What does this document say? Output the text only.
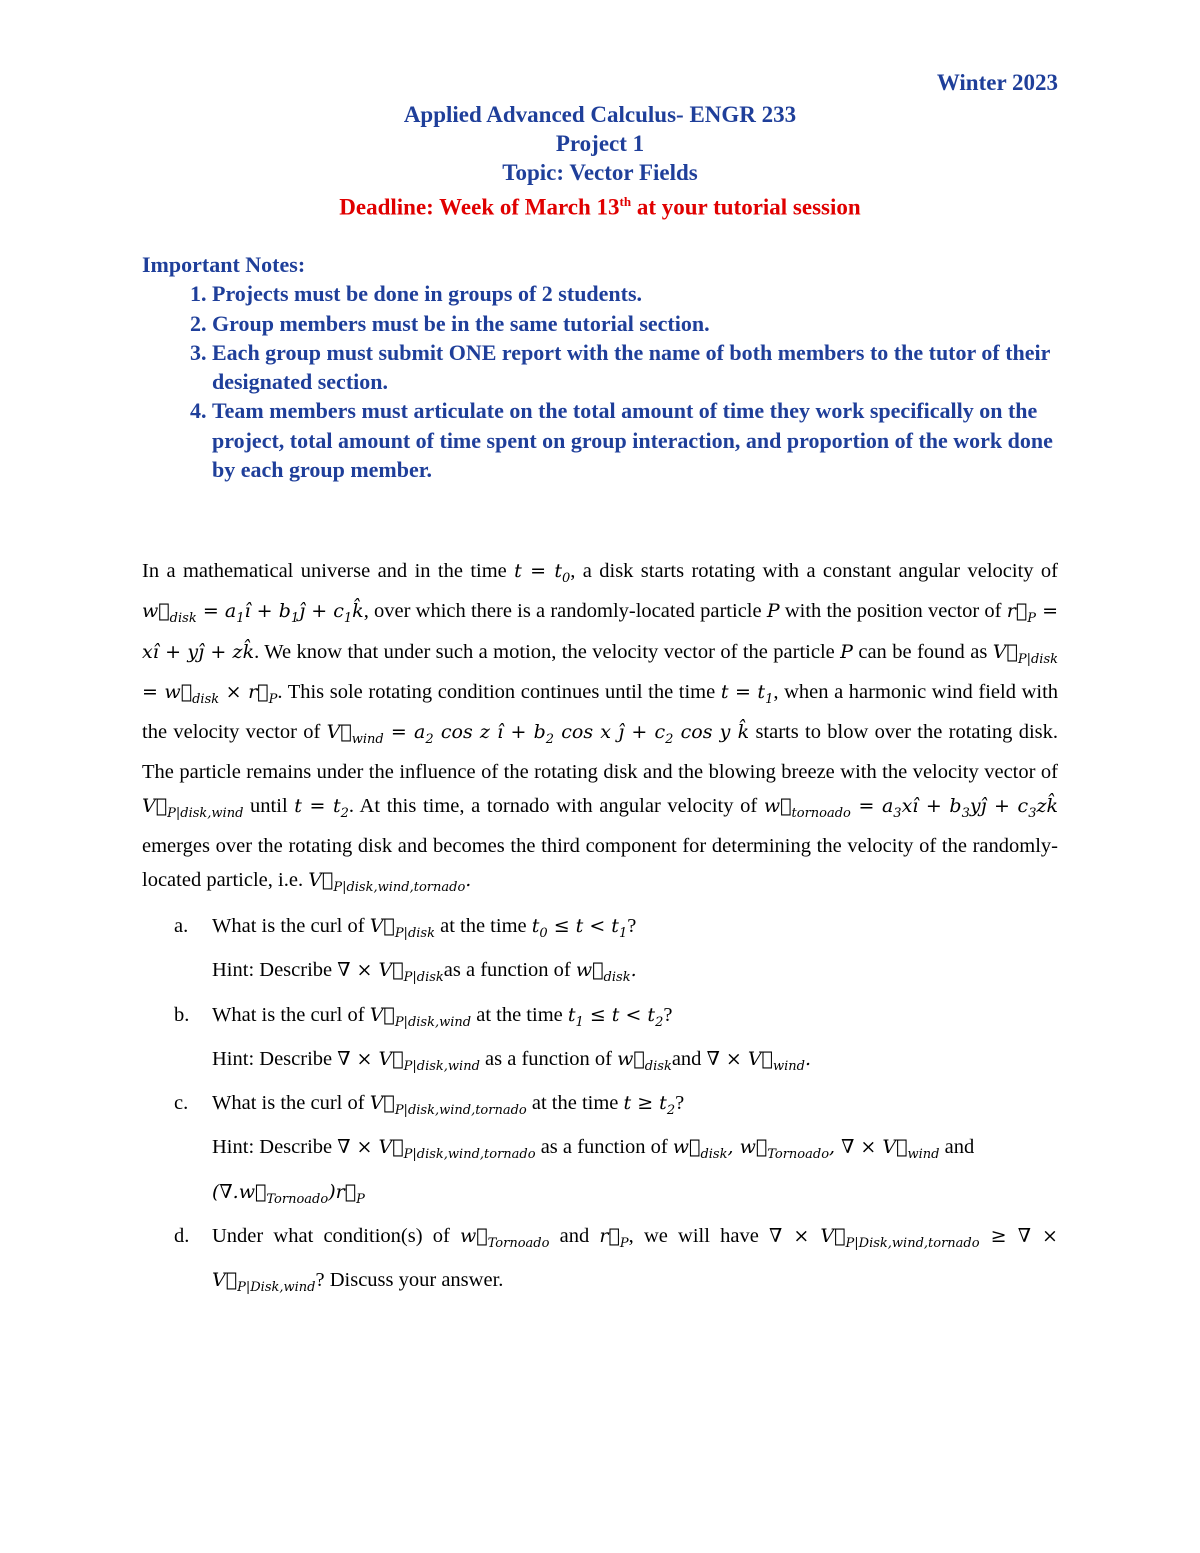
Winter 2023
Applied Advanced Calculus- ENGR 233
Project 1
Topic: Vector Fields
Deadline: Week of March 13th at your tutorial session
Important Notes:
1. Projects must be done in groups of 2 students.
2. Group members must be in the same tutorial section.
3. Each group must submit ONE report with the name of both members to the tutor of their designated section.
4. Team members must articulate on the total amount of time they work specifically on the project, total amount of time spent on group interaction, and proportion of the work done by each group member.
In a mathematical universe and in the time $t = t_0$, a disk starts rotating with a constant angular velocity of $w⃗_{disk}$ = $a_1î$ + $b_1ĵ$ + $c_1k̂$, over which there is a randomly-located particle P with the position vector of $r⃗_P$ = xî + yĵ + zk̂. We know that under such a motion, the velocity vector of the particle P can be found as $V⃗_{P|disk}$ = $w⃗_{disk}$ × $r⃗_P$. This sole rotating condition continues until the time $t = t_1$, when a harmonic wind field with the velocity vector of $V⃗_{wind} = a_2$ cos z î + $b_2$ cos x ĵ + $c_2$ cos y k̂ starts to blow over the rotating disk. The particle remains under the influence of the rotating disk and the blowing breeze with the velocity vector of $V⃗_{P|disk,wind}$ until $t = t_2$. At this time, a tornado with angular velocity of $w⃗_{tornoado}$ = $a_3xî$ + $b_3yĵ$ + $c_3zk̂$ emerges over the rotating disk and becomes the third component for determining the velocity of the randomly-located particle, i.e. $V⃗_{P|disk,wind,tornado}$.
a.	What is the curl of $V⃗_{P|disk}$ at the time $t_0 \le t < t_1$?
Hint: Describe ∇ × $V⃗_{P|disk}as$ a function of $w⃗_{disk}$.
b.	What is the curl of $V⃗_{P|disk,wind}$ at the time $t_1 \le t < t_2$?
Hint: Describe ∇ × $V⃗_{P|disk,wind}$ as a function of $w⃗_{disk}and$ ∇ × $V⃗_{wind}$.
c.	What is the curl of $V⃗_{P|disk,wind,tornado}$ at the time $t \ge t_2$?
Hint: Describe ∇ × $V⃗_{P|disk,wind,tornado}$ as a function of $w⃗_{disk}$, $w⃗_{Tornoado}$, ∇ × $V⃗_{wind}$ and $(\nabla.w⃗_{Tornoado})r⃗_P$
d.	Under what condition(s) of $w⃗_{Tornoado}$ and $r⃗_P$, we will have ∇ × $V⃗_{P|Disk,wind,tornado}$ ≥ ∇ × $V⃗_{P|Disk,wind}$? Discuss your answer.
